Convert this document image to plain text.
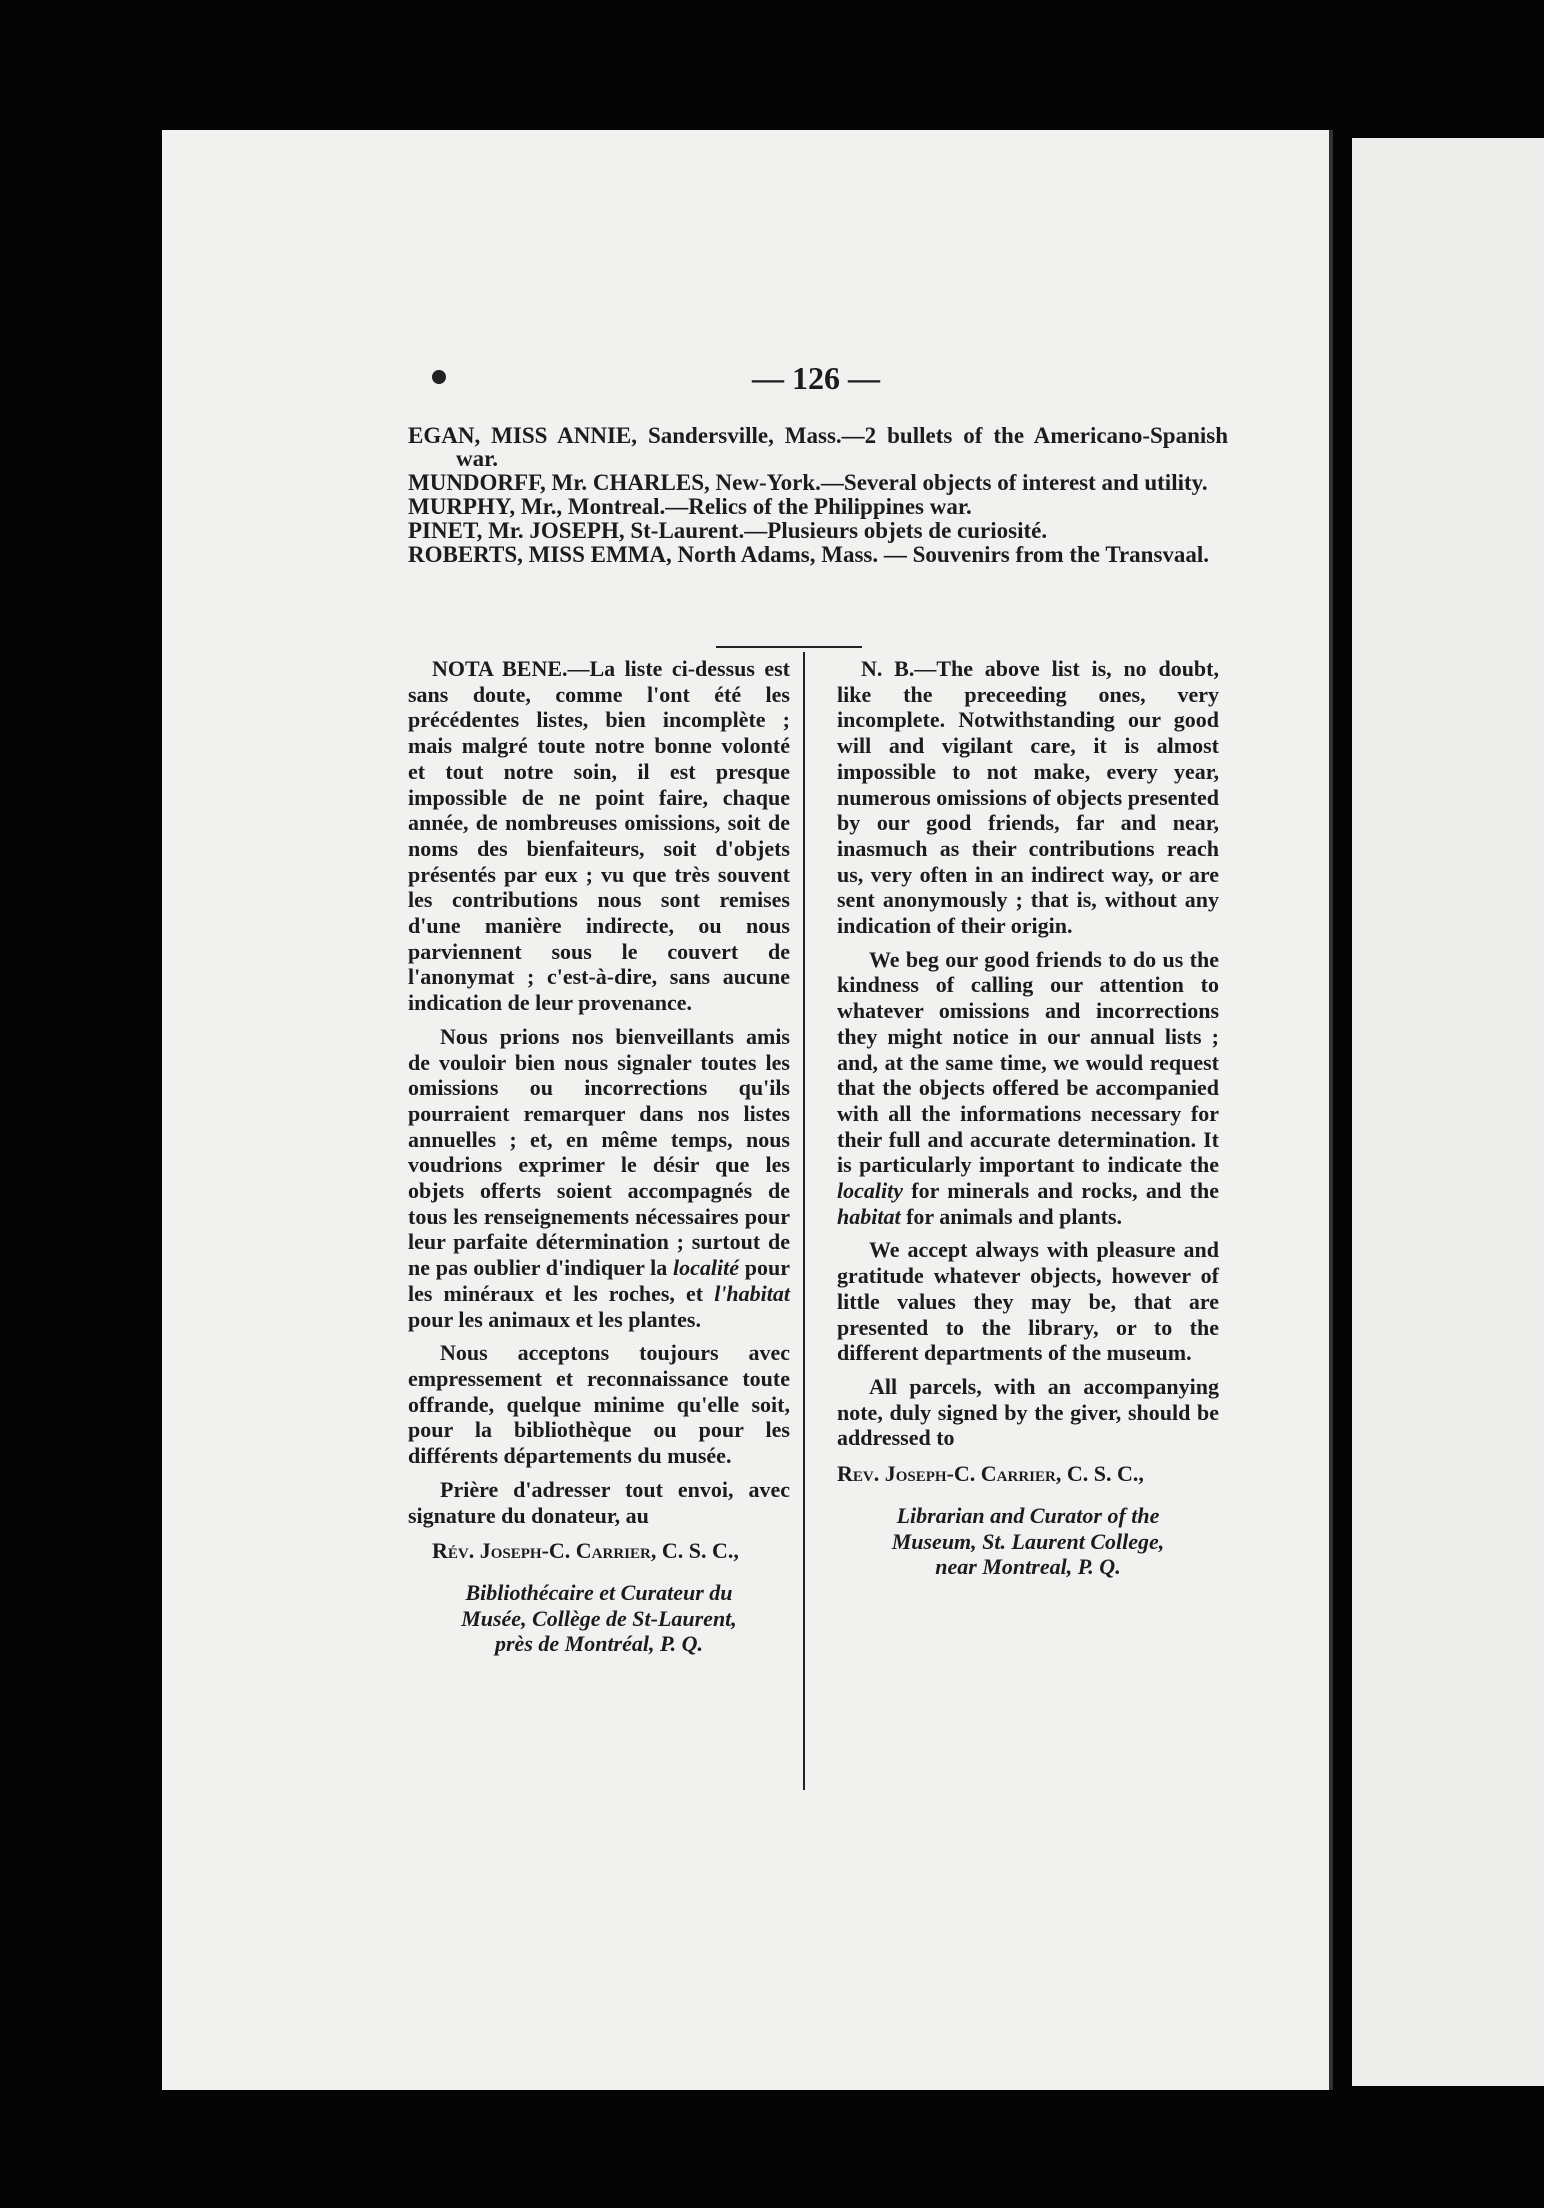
— 126 —

EGAN, MISS ANNIE, Sandersville, Mass.—2 bullets of the Americano-Spanish war.

MUNDORFF, Mr. CHARLES, New-York.—Several objects of interest and utility.

MURPHY, Mr., Montreal.—Relics of the Philippines war.

PINET, Mr. JOSEPH, St-Laurent.—Plusieurs objets de curiosité.

ROBERTS, MISS EMMA, North Adams, Mass. — Souvenirs from the Transvaal.

NOTA BENE.—La liste ci-dessus est sans doute, comme l'ont été les précédentes listes, bien incomplète ; mais malgré toute notre bonne volonté et tout notre soin, il est presque impossible de ne point faire, chaque année, de nombreuses omissions, soit de noms des bienfaiteurs, soit d'objets présentés par eux ; vu que très souvent les contributions nous sont remises d'une manière indirecte, ou nous parviennent sous le couvert de l'anonymat ; c'est-à-dire, sans aucune indication de leur provenance.

Nous prions nos bienveillants amis de vouloir bien nous signaler toutes les omissions ou incorrections qu'ils pourraient remarquer dans nos listes annuelles ; et, en même temps, nous voudrions exprimer le désir que les objets offerts soient accompagnés de tous les renseignements nécessaires pour leur parfaite détermination ; surtout de ne pas oublier d'indiquer la localité pour les minéraux et les roches, et l'habitat pour les animaux et les plantes.

Nous acceptons toujours avec empressement et reconnaissance toute offrande, quelque minime qu'elle soit, pour la bibliothèque ou pour les différents départements du musée.

Prière d'adresser tout envoi, avec signature du donateur, au

Rév. Joseph-C. Carrier, C. S. C.,

Bibliothécaire et Curateur du

Musée, Collège de St-Laurent,

près de Montréal, P. Q.

N. B.—The above list is, no doubt, like the preceeding ones, very incomplete. Notwithstanding our good will and vigilant care, it is almost impossible to not make, every year, numerous omissions of objects presented by our good friends, far and near, inasmuch as their contributions reach us, very often in an indirect way, or are sent anonymously ; that is, without any indication of their origin.

We beg our good friends to do us the kindness of calling our attention to whatever omissions and incorrections they might notice in our annual lists ; and, at the same time, we would request that the objects offered be accompanied with all the informations necessary for their full and accurate determination. It is particularly important to indicate the locality for minerals and rocks, and the habitat for animals and plants.

We accept always with pleasure and gratitude whatever objects, however of little values they may be, that are presented to the library, or to the different departments of the museum.

All parcels, with an accompanying note, duly signed by the giver, should be addressed to

Rev. Joseph-C. Carrier, C. S. C.,

Librarian and Curator of the

Museum, St. Laurent College,

near Montreal, P. Q.
